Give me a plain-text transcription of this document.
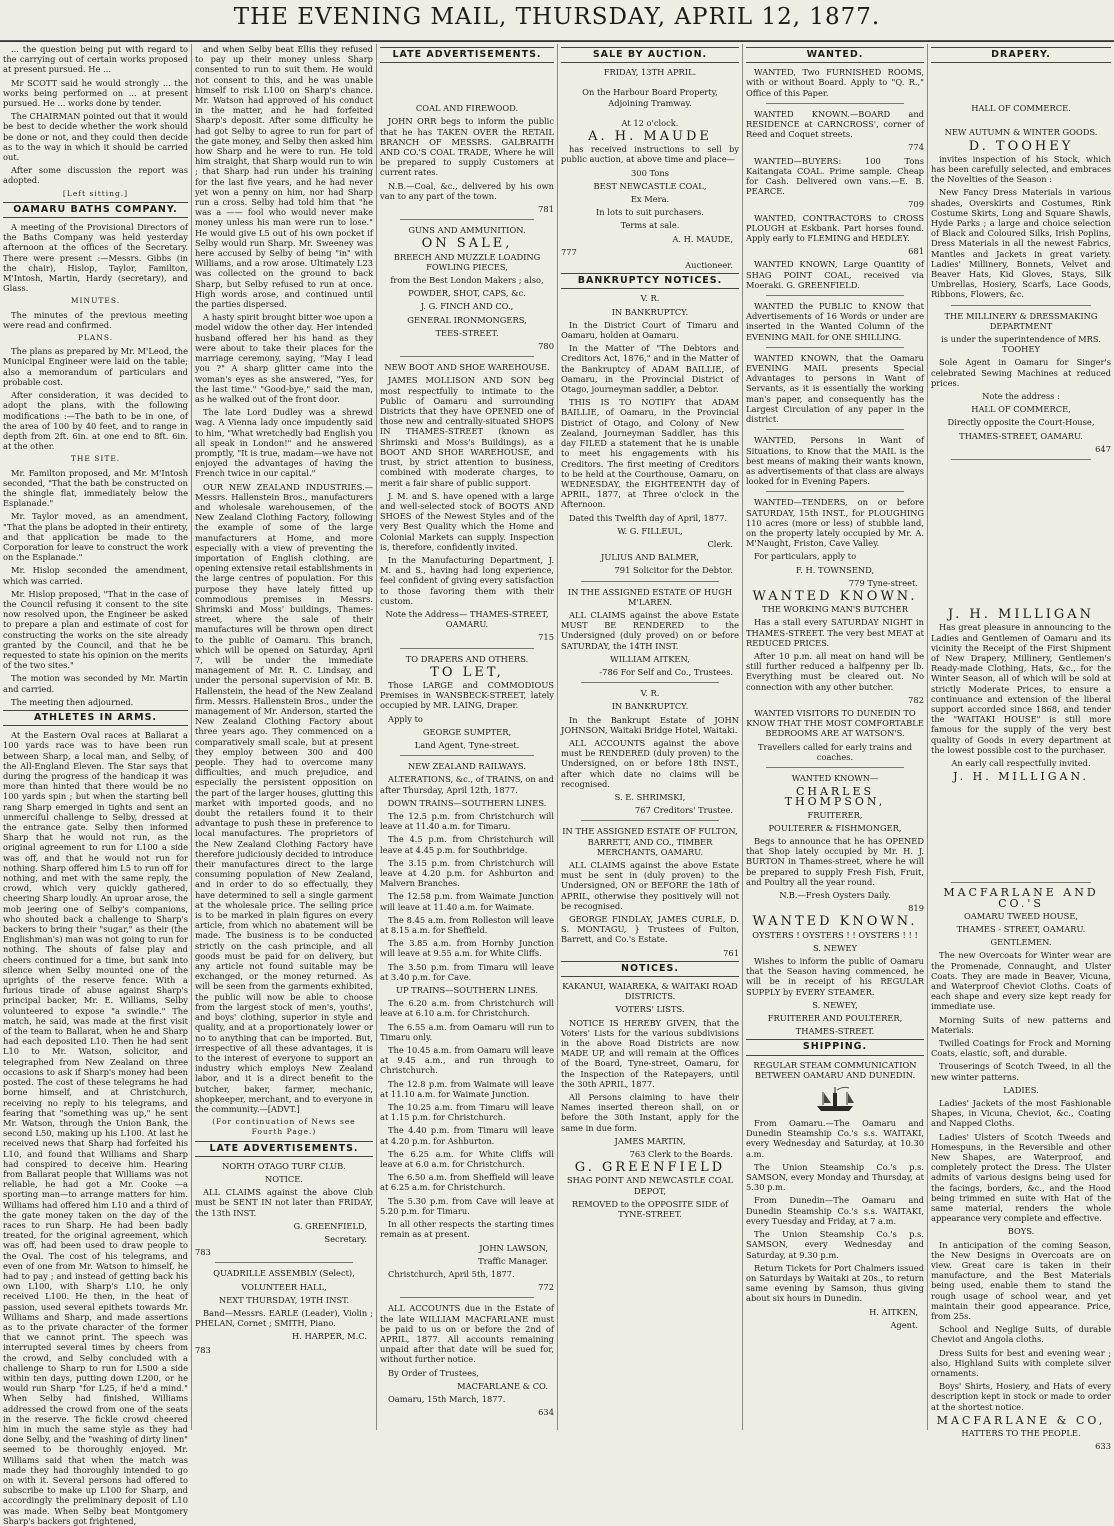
THE EVENING MAIL, THURSDAY, APRIL 12, 1877.

... the question being put with regard to the carrying out of certain works proposed at present pursued. He ...

Mr SCOTT said he would strongly ... the works being performed on ... at present pursued. He ... works done by tender.

The CHAIRMAN pointed out that it would be best to decide whether the work should be done or not, and they could then decide as to the way in which it should be carried out.

After some discussion the report was adopted.

[Left sitting.]
OAMARU BATHS COMPANY.

A meeting of the Provisional Directors of the Baths Company was held yesterday afternoon at the offices of the Secretary. There were present :—Messrs. Gibbs (in the chair), Hislop, Taylor, Familton, M'Intosh, Martin, Hardy (secretary), and Glass.

MINUTES.

The minutes of the previous meeting were read and confirmed.

PLANS.

The plans as prepared by Mr. M'Leod, the Municipal Engineer were laid on the table; also a memorandum of particulars and probable cost.

After consideration, it was decided to adopt the plans, with the following modifications :—The bath to be in one, of the area of 100 by 40 feet, and to range in depth from 2ft. 6in. at one end to 8ft. 6in. at the other.

THE SITE.

Mr. Familton proposed, and Mr. M'Intosh seconded, "That the bath be constructed on the shingle flat, immediately below the Esplanade."

Mr. Taylor moved, as an amendment, "That the plans be adopted in their entirety, and that application be made to the Corporation for leave to construct the work on the Esplanade."

Mr. Hislop seconded the amendment, which was carried.

Mr. Hislop proposed, "That in the case of the Council refusing it consent to the site now resolved upon, the Engineer be asked to prepare a plan and estimate of cost for constructing the works on the site already granted by the Council, and that he be requested to state his opinion on the merits of the two sites."

The motion was seconded by Mr. Martin and carried.

The meeting then adjourned.

ATHLETES IN ARMS.

At the Eastern Oval races at Ballarat a 100 yards race was to have been run between Sharp, a local man, and Selby, of the All-England Eleven. The Star says that during the progress of the handicap it was more than hinted that there would be no 100 yards spin ; but when the starting bell rang Sharp emerged in tights and sent an unmerciful challenge to Selby, dressed at the entrance gate. Selby then informed Sharp that he would not run, as the original agreement to run for L100 a side was off, and that he would not run for nothing. Sharp offered him L5 to run off for nothing, and met with the same reply, the crowd, which very quickly gathered, cheering Sharp loudly. An uproar arose, the mob jeering one of Selby's companions, who shouted back a challenge to Sharp's backers to bring their "sugar," as their (the Englishman's) man was not going to run for nothing. The shouts of false play and cheers continued for a time, but sank into silence when Selby mounted one of the uprights of the reserve fence. With a furious tirade of abuse against Sharp's principal backer, Mr. E. Williams, Selby volunteered to expose "a swindle." The match, he said, was made at the first visit of the team to Ballarat, when he and Sharp had each deposited L10. Then he had sent L10 to Mr. Watson, solicitor, and telegraphed from New Zealand on three occasions to ask if Sharp's money had been posted. The cost of these telegrams he had borne himself, and at Christchurch, receiving no reply to his telegrams, and fearing that "something was up," he sent Mr. Watson, through the Union Bank, the second L50, making up his L100. At last he received news that Sharp had forfeited his L10, and found that Williams and Sharp had conspired to deceive him. Hearing from Ballarat people that Williams was not reliable, he had got a Mr. Cooke —a sporting man—to arrange matters for him. Williams had offered him L10 and a third of the gate money taken on the day of the races to run Sharp. He had been badly treated, for the original agreement, which was off, had been used to draw people to the Oval. The cost of his telegrams, and even of one from Mr. Watson to himself, he had to pay ; and instead of getting back his own L100, with Sharp's L10, he only received L100. He then, in the heat of passion, used several epithets towards Mr. Williams and Sharp, and made assertions as to the private character of the former that we cannot print. The speech was interrupted several times by cheers from the crowd, and Selby concluded with a challenge to Sharp to run for L500 a side within ten days, putting down L200, or he would run Sharp "for L25, if he'd a mind." When Selby had finished, Williams addressed the crowd from one of the seats in the reserve. The fickle crowd cheered him in much the same style as they had done Selby, and the "washing of dirty linen" seemed to be thoroughly enjoyed. Mr. Williams said that when the match was made they had thoroughly intended to go on with it. Several persons had offered to subscribe to make up L100 for Sharp, and accordingly the preliminary deposit of L10 was made. When Selby beat Montgomery Sharp's backers got frightened,

and when Selby beat Ellis they refused to pay up their money unless Sharp consented to run to suit them. He would not consent to this, and he was unable himself to risk L100 on Sharp's chance. Mr. Watson had approved of his conduct in the matter, and he had forfeited Sharp's deposit. After some difficulty he had got Selby to agree to run for part of the gate money, and Selby then asked him how Sharp and he were to run. He told him straight, that Sharp would run to win ; that Sharp had run under his training for the last five years, and he had never yet won a penny on him, nor had Sharp run a cross. Selby had told him that "he was a —— fool who would never make money unless his man were run to lose." He would give L5 out of his own pocket if Selby would run Sharp. Mr. Sweeney was here accused by Selby of being "in" with Williams, and a row arose. Ultimately L23 was collected on the ground to back Sharp, but Selby refused to run at once. High words arose, and continued until the parties dispersed.

A hasty spirit brought bitter woe upon a model widow the other day. Her intended husband offered her his hand as they were about to take their places for the marriage ceremony, saying, "May I lead you ?" A sharp glitter came into the woman's eyes as she answered, "Yes, for the last time." "Good-bye," said the man, as he walked out of the front door.

The late Lord Dudley was a shrewd wag. A Vienna lady once impudently said to him, "What wretchedly bad English you all speak in London!" and he answered promptly, "It is true, madam—we have not enjoyed the advantages of having the French twice in our capital."

OUR NEW ZEALAND INDUSTRIES.—Messrs. Hallenstein Bros., manufacturers and wholesale warehousemen, of the New Zealand Clothing Factory, following the example of some of the large manufacturers at Home, and more especially with a view of preventing the importation of English clothing, are opening extensive retail establishments in the large centres of population. For this purpose they have lately fitted up commodious premises in Messrs. Shrimski and Moss' buildings, Thames-street, where the sale of their manufactures will be thrown open direct to the public of Oamaru. This branch, which will be opened on Saturday, April 7, will be under the immediate management of Mr. R. C. Lindsay, and under the personal supervision of Mr. B. Hallenstein, the head of the New Zealand firm. Messrs. Hallenstein Bros., under the management of Mr. Anderson, started the New Zealand Clothing Factory about three years ago. They commenced on a comparatively small scale, but at present they employ between 300 and 400 people. They had to overcome many difficulties, and much prejudice, and especially the persistent opposition on the part of the larger houses, glutting this market with imported goods, and no doubt the retailers found it to their advantage to push these in preference to local manufactures. The proprietors of the New Zealand Clothing Factory have therefore judiciously decided to introduce their manufactures direct to the large consuming population of New Zealand, and in order to do so effectually, they have determined to sell a single garment at the wholesale price. The selling price is to be marked in plain figures on every article, from which no abatement will be made. The business is to be conducted strictly on the cash principle, and all goods must be paid for on delivery, but any article not found suitable may be exchanged, or the money returned. As will be seen from the garments exhibited, the public will now be able to choose from the largest stock of men's, youths', and boys' clothing, superior in style and quality, and at a proportionately lower or no to anything that can be imported. But, irrespective of all these advantages, it is to the interest of everyone to support an industry which employs New Zealand labor, and it is a direct benefit to the butcher, baker, farmer, mechanic, shopkeeper, merchant, and to everyone in the community.—[ADVT.]

(For continuation of News see Fourth Page.)
LATE ADVERTISEMENTS.

NORTH OTAGO TURF CLUB.

NOTICE.

ALL CLAIMS against the above Club must be SENT IN not later than FRIDAY, the 13th INST.

G. GREENFIELD,

Secretary.

783

QUADRILLE ASSEMBLY (Select),

VOLUNTEER HALL,

NEXT THURSDAY, 19TH INST.

Band—Messrs. EARLE (Leader), Violin ; PHELAN, Cornet ; SMITH, Piano.

H. HARPER, M.C.

783

LATE ADVERTISEMENTS.

COAL AND FIREWOOD.

JOHN ORR begs to inform the public that he has TAKEN OVER the RETAIL BRANCH OF MESSRS. GALBRAITH AND CO.'S COAL TRADE, Where he will be prepared to supply Customers at current rates.

N.B.—Coal, &c., delivered by his own van to any part of the town.

781

GUNS AND AMMUNITION.

ON SALE,

BREECH AND MUZZLE LOADING FOWLING PIECES,

from the Best London Makers ; also,

POWDER, SHOT, CAPS, &c.

J. G. FINCH AND CO.,

GENERAL IRONMONGERS,

TEES-STREET.

780

NEW BOOT AND SHOE WAREHOUSE.

JAMES MOLLISON AND SON beg most respectfully to intimate to the Public of Oamaru and surrounding Districts that they have OPENED one of those new and centrally-situated SHOPS IN THAMES-STREET (known as Shrimski and Moss's Buildings), as a BOOT AND SHOE WAREHOUSE, and trust, by strict attention to business, combined with moderate charges, to merit a fair share of public support.

J. M. and S. have opened with a large and well-selected stock of BOOTS AND SHOES of the Newest Styles and of the very Best Quality which the Home and Colonial Markets can supply. Inspection is, therefore, confidently invited.

In the Manufacturing Department, J. M. and S., having had long experience, feel confident of giving every satisfaction to those favoring them with their custom.

Note the Address— THAMES-STREET, OAMARU.

715

TO DRAPERS AND OTHERS.

TO LET,

Those LARGE and COMMODIOUS Premises in WANSBECK-STREET, lately occupied by MR. LAING, Draper.

Apply to

GEORGE SUMPTER,

Land Agent, Tyne-street.

NEW ZEALAND RAILWAYS.

ALTERATIONS, &c., of TRAINS, on and after Thursday, April 12th, 1877.

DOWN TRAINS—SOUTHERN LINES.

The 12.5 p.m. from Christchurch will leave at 11.40 a.m. for Timaru.

The 4.5 p.m. from Christchurch will leave at 4.45 p.m. for Southbridge.

The 3.15 p.m. from Christchurch will leave at 4.20 p.m. for Ashburton and Malvern Branches.

The 12.58 p.m. from Waimate Junction will leave at 11.40 a.m. for Waimate.

The 8.45 a.m. from Rolleston will leave at 8.15 a.m. for Sheffield.

The 3.85 a.m. from Hornby Junction will leave at 9.55 a.m. for White Cliffs.

The 3.50 p.m. from Timaru will leave at 3.40 p.m. for Cave.

UP TRAINS—SOUTHERN LINES.

The 6.20 a.m. from Christchurch will leave at 6.10 a.m. for Christchurch.

The 6.55 a.m. from Oamaru will run to Timaru only.

The 10.45 a.m. from Oamaru will leave at 9.45 a.m., and run through to Christchurch.

The 12.8 p.m. from Waimate will leave at 11.10 a.m. for Waimate Junction.

The 10.25 a.m. from Timaru will leave at 1.15 p.m. for Christchurch.

The 4.40 p.m. from Timaru will leave at 4.20 p.m. for Ashburton.

The 6.25 a.m. for White Cliffs will leave at 6.0 a.m. for Christchurch.

The 6.50 a.m. from Sheffield will leave at 6.25 a.m. for Christchurch.

The 5.30 p.m. from Cave will leave at 5.20 p.m. for Timaru.

In all other respects the starting times remain as at present.

JOHN LAWSON,

Traffic Manager.

Christchurch, April 5th, 1877.

772

ALL ACCOUNTS due in the Estate of the late WILLIAM MACFARLANE must be paid to us on or before the 2nd of APRIL, 1877. All accounts remaining unpaid after that date will be sued for, without further notice.

By Order of Trustees,

MACFARLANE & CO.

Oamaru, 15th March, 1877.

634

SALE BY AUCTION.

FRIDAY, 13TH APRIL.

On the Harbour Board Property, Adjoining Tramway.

At 12 o'clock.

A. H. MAUDE

has received instructions to sell by public auction, at above time and place—

300 Tons

BEST NEWCASTLE COAL,

Ex Mera.

In lots to suit purchasers.

Terms at sale.

A. H. MAUDE,

777

Auctioneer.

BANKRUPTCY NOTICES.

V. R.

IN BANKRUPTCY.

In the District Court of Timaru and Oamaru, holden at Oamaru.

In the Matter of "The Debtors and Creditors Act, 1876," and in the Matter of the Bankruptcy of ADAM BAILLIE, of Oamaru, in the Provincial District of Otago, journeyman saddler, a Debtor.

THIS IS TO NOTIFY that ADAM BAILLIE, of Oamaru, in the Provincial District of Otago, and Colony of New Zealand, Journeyman Saddler, has this day FILED a statement that he is unable to meet his engagements with his Creditors. The first meeting of Creditors to be held at the Courthouse, Oamaru, on WEDNESDAY, the EIGHTEENTH day of APRIL, 1877, at Three o'clock in the Afternoon.

Dated this Twelfth day of April, 1877.

W. G. FILLEUL,

Clerk.

JULIUS AND BALMER,

791 Solicitor for the Debtor.

IN THE ASSIGNED ESTATE OF HUGH M'LAREN.

ALL CLAIMS against the above Estate MUST BE RENDERED to the Undersigned (duly proved) on or before SATURDAY, the 14TH INST.

WILLIAM AITKEN,

-786 For Self and Co., Trustees.

V. R.

IN BANKRUPTCY.

In the Bankrupt Estate of JOHN JOHNSON, Waitaki Bridge Hotel, Waitaki.

ALL ACCOUNTS against the above must be RENDERED (duly proven) to the Undersigned, on or before 18th INST., after which date no claims will be recognised.

S. E. SHRIMSKI,

767 Creditors' Trustee.

IN THE ASSIGNED ESTATE OF FULTON, BARRETT, AND CO., TIMBER MERCHANTS, OAMARU.

ALL CLAIMS against the above Estate must be sent in (duly proven) to the Undersigned, ON or BEFORE the 18th of APRIL, otherwise they positively will not be recognised.

GEORGE FINDLAY, JAMES CURLE, D. S. MONTAGU, } Trustees of Fulton, Barrett, and Co.'s Estate.

761

NOTICES.

KAKANUI, WAIAREKA, & WAITAKI ROAD DISTRICTS.

VOTERS' LISTS.

NOTICE IS HEREBY GIVEN, that the Voters' Lists for the various subdivisions in the above Road Districts are now MADE UP, and will remain at the Offices of the Board, Tyne-street, Oamaru, for the Inspection of the Ratepayers, until the 30th APRIL, 1877.

All Persons claiming to have their Names inserted thereon shall, on or before the 30th Instant, apply for the same in due form.

JAMES MARTIN,

763 Clerk to the Boards.

G. GREENFIELD

SHAG POINT AND NEWCASTLE COAL DEPOT,

REMOVED to the OPPOSITE SIDE of TYNE-STREET.

WANTED.

WANTED, Two FURNISHED ROOMS, with or without Board. Apply to "Q. R.," Office of this Paper.

WANTED KNOWN.—BOARD and RESIDENCE at CARNCROSS', corner of Reed and Coquet streets.

774

WANTED—BUYERS: 100 Tons Kaitangata COAL. Prime sample. Cheap for Cash. Delivered own vans.—E. B. PEARCE.

709

WANTED, CONTRACTORS to CROSS PLOUGH at Eskbank. Part horses found. Apply early to FLEMING and HEDLEY.

681

WANTED KNOWN, Large Quantity of SHAG POINT COAL, received via Moeraki. G. GREENFIELD.

WANTED the PUBLIC to KNOW that Advertisements of 16 Words or under are inserted in the Wanted Column of the EVENING MAIL for ONE SHILLING.

WANTED KNOWN, that the Oamaru EVENING MAIL presents Special Advantages to persons in Want of Servants, as it is essentially the working man's paper, and consequently has the Largest Circulation of any paper in the district.

WANTED, Persons in Want of Situations, to Know that the MAIL is the best means of making their wants known, as advertisements of that class are always looked for in Evening Papers.

WANTED—TENDERS, on or before SATURDAY, 15th INST., for PLOUGHING 110 acres (more or less) of stubble land, on the property lately occupied by Mr. A. M'Naught, Friston, Cave Valley.

For particulars, apply to

F. H. TOWNSEND,

779 Tyne-street.

WANTED KNOWN.

THE WORKING MAN'S BUTCHER

Has a stall every SATURDAY NIGHT in THAMES-STREET. The very best MEAT at REDUCED PRICES.

After 10 p.m. all meat on hand will be still further reduced a halfpenny per lb. Everything must be cleared out. No connection with any other butcher.

782

WANTED VISITORS TO DUNEDIN TO KNOW THAT THE MOST COMFORTABLE BEDROOMS ARE AT WATSON'S.

Travellers called for early trains and coaches.

WANTED KNOWN—

CHARLES THOMPSON,

FRUITERER,

POULTERER & FISHMONGER,

Begs to announce that he has OPENED that Shop lately occupied by Mr. H. J. BURTON in Thames-street, where he will be prepared to supply Fresh Fish, Fruit, and Poultry all the year round.

N.B.—Fresh Oysters Daily.

819

WANTED KNOWN.

OYSTERS ! OYSTERS ! ! OYSTERS ! ! !

S. NEWEY

Wishes to inform the public of Oamaru that the Season having commenced, he will be in receipt of his REGULAR SUPPLY by EVERY STEAMER.

S. NEWEY,

FRUITERER AND POULTERER,

THAMES-STREET.

SHIPPING.

REGULAR STEAM COMMUNICATION BETWEEN OAMARU AND DUNEDIN.

From Oamaru.—The Oamaru and Dunedin Steamship Co.'s s.s. WAITAKI, every Wednesday and Saturday, at 10.30 a.m.

The Union Steamship Co.'s p.s. SAMSON, every Monday and Thursday, at 5.30 p.m.

From Dunedin—The Oamaru and Dunedin Steamship Co.'s s.s. WAITAKI, every Tuesday and Friday, at 7 a.m.

The Union Steamship Co.'s p.s. SAMSON, every Wednesday and Saturday, at 9.30 p.m.

Return Tickets for Port Chalmers issued on Saturdays by Waitaki at 20s., to return same evening by Samson, thus giving about six hours in Dunedin.

H. AITKEN,

Agent.

DRAPERY.

HALL OF COMMERCE.

NEW AUTUMN & WINTER GOODS.

D. TOOHEY

invites inspection of his Stock, which has been carefully selected, and embraces the Novelties of the Season :

New Fancy Dress Materials in various shades, Overskirts and Costumes, Rink Costume Skirts, Long and Square Shawls, Hyde Parks ; a large and choice selection of Black and Coloured Silks, Irish Poplins, Dress Materials in all the newest Fabrics, Mantles and Jackets in great variety. Ladies' Millinery, Bonnets, Velvet and Beaver Hats, Kid Gloves, Stays, Silk Umbrellas, Hosiery, Scarfs, Lace Goods, Ribbons, Flowers, &c.

THE MILLINERY & DRESSMAKING DEPARTMENT

is under the superintendence of MRS. TOOHEY

Sole Agent in Oamaru for Singer's celebrated Sewing Machines at reduced prices.

Note the address :

HALL OF COMMERCE,

Directly opposite the Court-House,

THAMES-STREET, OAMARU.

647

J. H. MILLIGAN

Has great pleasure in announcing to the Ladies and Gentlemen of Oamaru and its vicinity the Receipt of the First Shipment of New Drapery, Millinery, Gentlemen's Ready-made Clothing, Hats, &c., for the Winter Season, all of which will be sold at strictly Moderate Prices, to ensure a continuance and extension of the liberal support accorded since 1868, and tender the "WAITAKI HOUSE" is still more famous for the supply of the very best quality of Goods in every department at the lowest possible cost to the purchaser.

An early call respectfully invited.

J. H. MILLIGAN.
MACFARLANE AND CO.'S

OAMARU TWEED HOUSE,

THAMES - STREET, OAMARU.

GENTLEMEN.

The new Overcoats for Winter wear are the Promenade, Connaught, and Ulster Coats. They are made in Beaver, Vicuna, and Waterproof Cheviot Cloths. Coats of each shape and every size kept ready for immediate use.

Morning Suits of new patterns and Materials.

Twilled Coatings for Frock and Morning Coats, elastic, soft, and durable.

Trouserings of Scotch Tweed, in all the new winter patterns.

LADIES.

Ladies' Jackets of the most Fashionable Shapes, in Vicuna, Cheviot, &c., Coating and Napped Cloths.

Ladies' Ulsters of Scotch Tweeds and Homespuns, in the Reversible and other New Shapes, are Waterproof, and completely protect the Dress. The Ulster admits of various designs being used for the facings, borders, &c., and the Hood being trimmed en suite with Hat of the same material, renders the whole appearance very complete and effective.

BOYS.

In anticipation of the coming Season, the New Designs in Overcoats are on view. Great care is taken in their manufacture, and the Best Materials being used, enable them to stand the rough usage of school wear, and yet maintain their good appearance. Price, from 25s.

School and Neglige Suits, of durable Cheviot and Angola cloths.

Dress Suits for best and evening wear ; also, Highland Suits with complete silver ornaments.

Boys' Shirts, Hosiery, and Hats of every description kept in stock or made to order at the shortest notice.

MACFARLANE & CO,

HATTERS TO THE PEOPLE.

633
